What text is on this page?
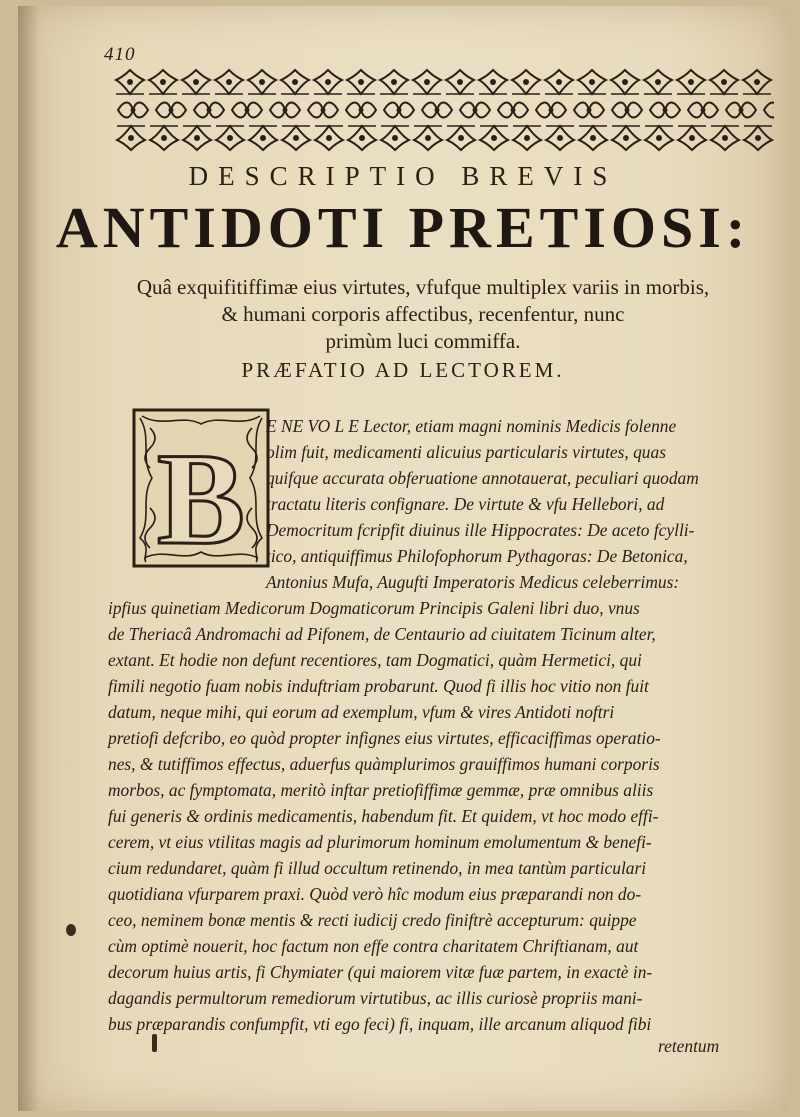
410
DESCRIPTIO BREVIS
ANTIDOTI PRETIOSI:
Quâ exquifitiffimæ eius virtutes, vfufque multiplex variis in morbis,
& humani corporis affectibus, recenfentur, nunc
primùm luci commiffa.
PRÆFATIO AD LECTOREM.
B E NE VO L E Lector, etiam magni nominis Medicis folenne
olim fuit, medicamenti alicuius particularis virtutes, quas
quifque accurata obferuatione annotauerat, peculiari quodam
tractatu literis confignare. De virtute & vfu Hellebori, ad
Democritum fcripfit diuinus ille Hippocrates: De aceto fcylli-
tico, antiquiffimus Philofophorum Pythagoras: De Betonica,
Antonius Mufa, Augufti Imperatoris Medicus celeberrimus:
ipfius quinetiam Medicorum Dogmaticorum Principis Galeni libri duo, vnus
de Theriacâ Andromachi ad Pifonem, de Centaurio ad ciuitatem Ticinum alter,
extant. Et hodie non defunt recentiores, tam Dogmatici, quàm Hermetici, qui
fimili negotio fuam nobis induftriam probarunt. Quod fi illis hoc vitio non fuit
datum, neque mihi, qui eorum ad exemplum, vfum & vires Antidoti noftri
pretiofi defcribo, eo quòd propter infignes eius virtutes, efficaciffimas operatio-
nes, & tutiffimos effectus, aduerfus quàmplurimos grauiffimos humani corporis
morbos, ac fymptomata, meritò inftar pretiofiffimæ gemmæ, præ omnibus aliis
fui generis & ordinis medicamentis, habendum fit. Et quidem, vt hoc modo effi-
cerem, vt eius vtilitas magis ad plurimorum hominum emolumentum & benefi-
cium redundaret, quàm fi illud occultum retinendo, in mea tantùm particulari
quotidiana vfurparem praxi. Quòd verò hîc modum eius præparandi non do-
ceo, neminem bonæ mentis & recti iudicij credo finiftrè accepturum: quippe
cùm optimè nouerit, hoc factum non effe contra charitatem Chriftianam, aut
decorum huius artis, fi Chymiater (qui maiorem vitæ fuæ partem, in exactè in-
dagandis permultorum remediorum virtutibus, ac illis curiosè propriis mani-
bus præparandis confumpfit, vti ego feci) fi, inquam, ille arcanum aliquod fibi
retentum
